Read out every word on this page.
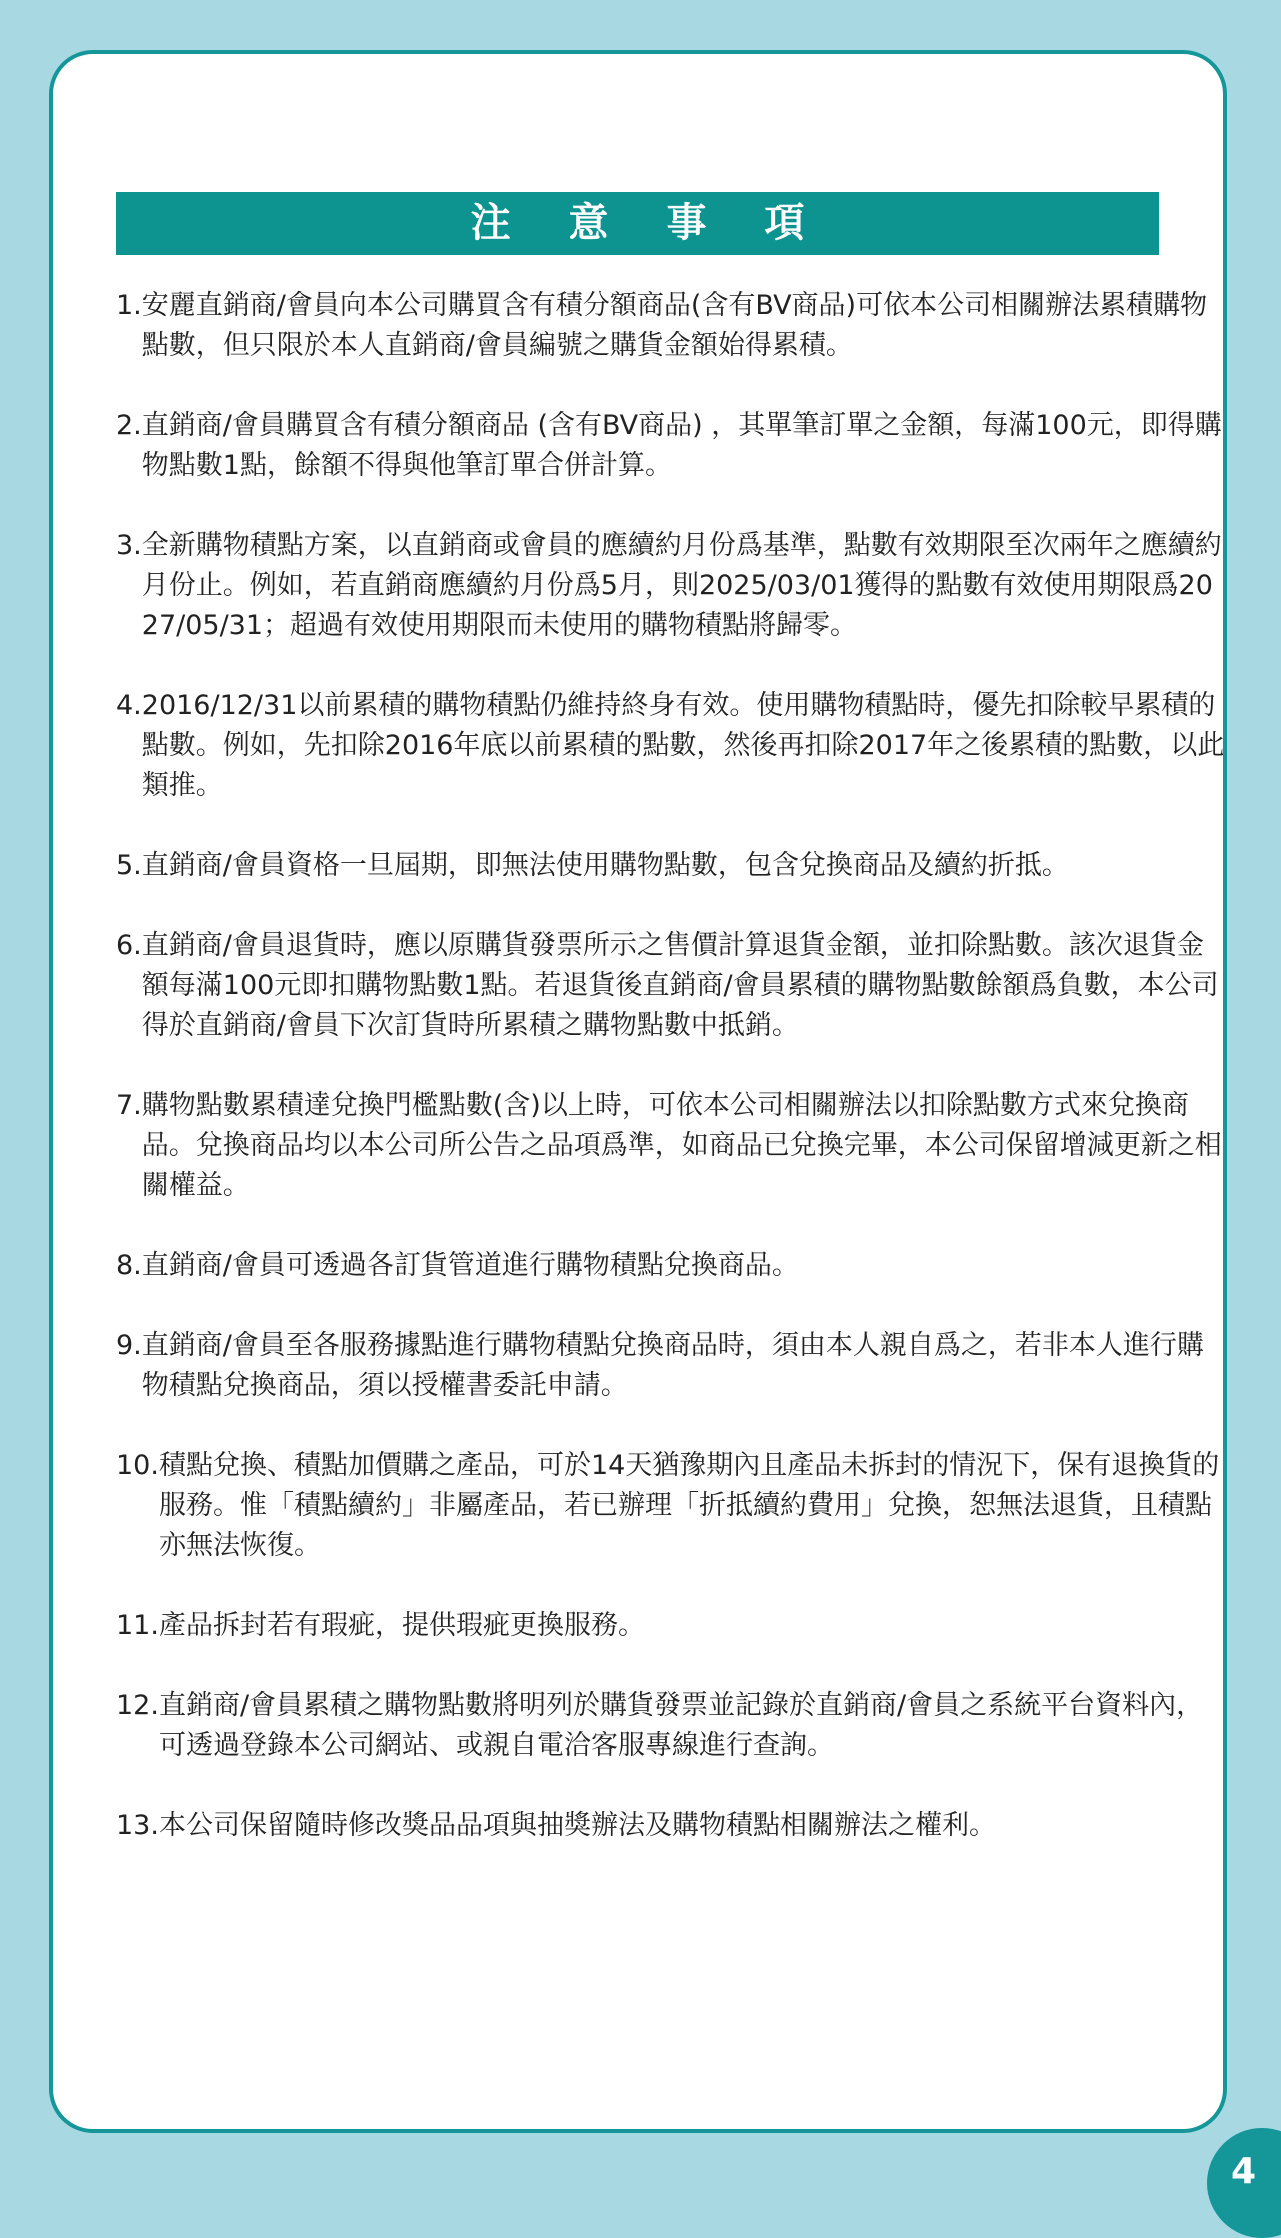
注 意 事 項
1. 安麗直銷商/會員向本公司購買含有積分額商品(含有BV商品)可依本公司相關辦法累積購物點數，但只限於本人直銷商/會員編號之購貨金額始得累積。
2. 直銷商/會員購買含有積分額商品 (含有BV商品) ，其單筆訂單之金額，每滿100元，即得購物點數1點，餘額不得與他筆訂單合併計算。
3. 全新購物積點方案，以直銷商或會員的應續約月份爲基準，點數有效期限至次兩年之應續約月份止。例如，若直銷商應續約月份爲5月，則2025/03/01獲得的點數有效使用期限爲2027/05/31；超過有效使用期限而未使用的購物積點將歸零。
4. 2016/12/31以前累積的購物積點仍維持終身有效。使用購物積點時，優先扣除較早累積的點數。例如，先扣除2016年底以前累積的點數，然後再扣除2017年之後累積的點數，以此類推。
5. 直銷商/會員資格一旦屆期，即無法使用購物點數，包含兌換商品及續約折抵。
6. 直銷商/會員退貨時，應以原購貨發票所示之售價計算退貨金額，並扣除點數。該次退貨金額每滿100元即扣購物點數1點。若退貨後直銷商/會員累積的購物點數餘額爲負數，本公司得於直銷商/會員下次訂貨時所累積之購物點數中抵銷。
7. 購物點數累積達兌換門檻點數(含)以上時，可依本公司相關辦法以扣除點數方式來兌換商品。兌換商品均以本公司所公告之品項爲準，如商品已兌換完畢，本公司保留增減更新之相關權益。
8. 直銷商/會員可透過各訂貨管道進行購物積點兌換商品。
9. 直銷商/會員至各服務據點進行購物積點兌換商品時，須由本人親自爲之，若非本人進行購物積點兌換商品，須以授權書委託申請。
10. 積點兌換、積點加價購之產品，可於14天猶豫期內且產品未拆封的情況下，保有退換貨的服務。惟「積點續約」非屬產品，若已辦理「折抵續約費用」兌換，恕無法退貨，且積點亦無法恢復。
11. 產品拆封若有瑕疵，提供瑕疵更換服務。
12. 直銷商/會員累積之購物點數將明列於購貨發票並記錄於直銷商/會員之系統平台資料內，可透過登錄本公司網站、或親自電洽客服專線進行查詢。
13. 本公司保留隨時修改獎品品項與抽獎辦法及購物積點相關辦法之權利。
4
